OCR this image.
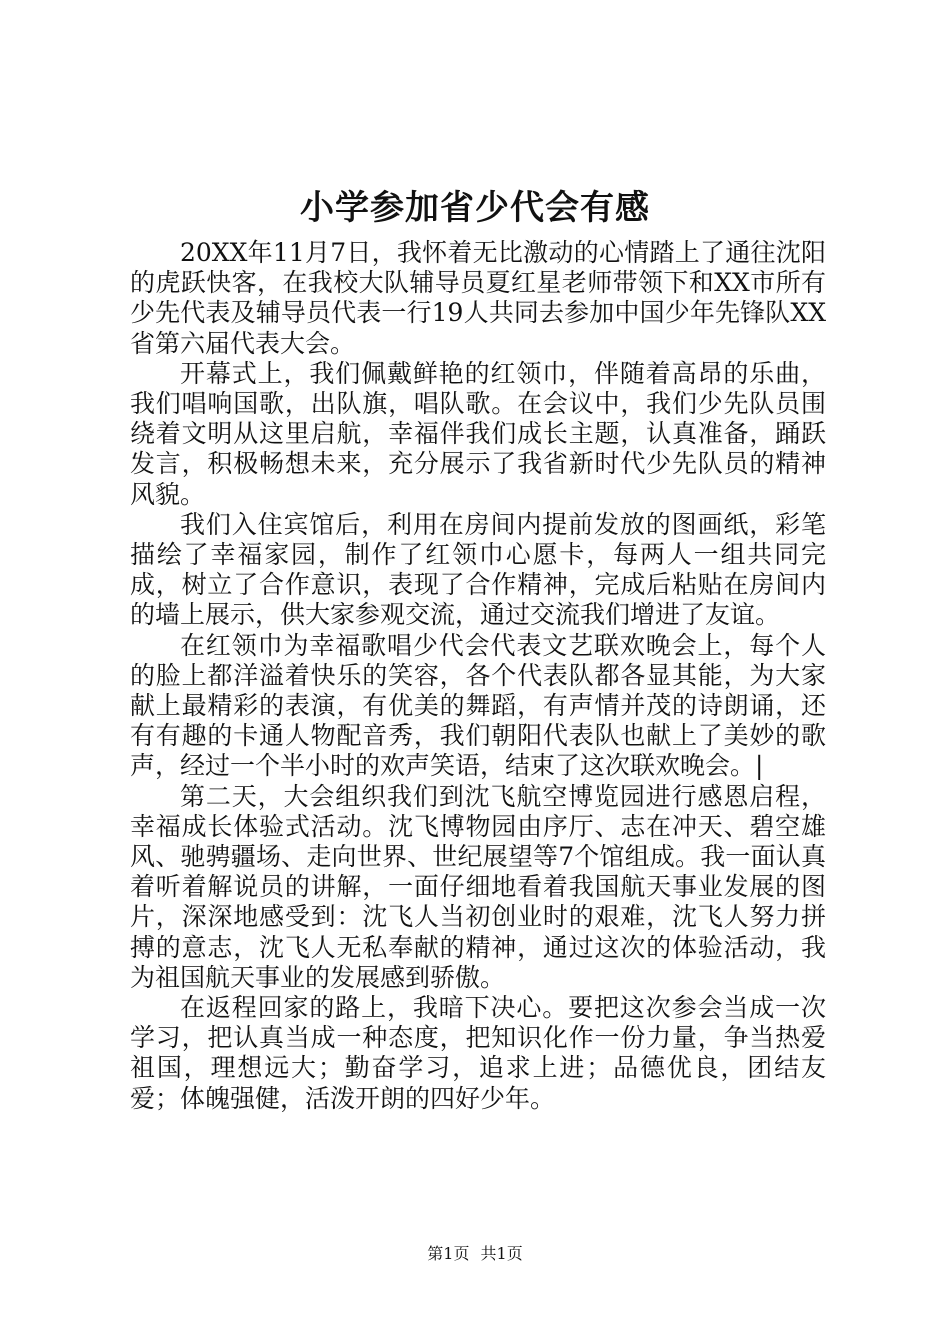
小学参加省少代会有感

20XX年11月7日，我怀着无比激动的心情踏上了通往沈阳的虎跃快客，在我校大队辅导员夏红星老师带领下和XX市所有少先代表及辅导员代表一行19人共同去参加中国少年先锋队XX省第六届代表大会。

开幕式上，我们佩戴鲜艳的红领巾，伴随着高昂的乐曲，我们唱响国歌，出队旗，唱队歌。在会议中，我们少先队员围绕着文明从这里启航，幸福伴我们成长主题，认真准备，踊跃发言，积极畅想未来，充分展示了我省新时代少先队员的精神风貌。

我们入住宾馆后，利用在房间内提前发放的图画纸，彩笔描绘了幸福家园，制作了红领巾心愿卡，每两人一组共同完成，树立了合作意识，表现了合作精神，完成后粘贴在房间内的墙上展示，供大家参观交流，通过交流我们增进了友谊。

在红领巾为幸福歌唱少代会代表文艺联欢晚会上，每个人的脸上都洋溢着快乐的笑容，各个代表队都各显其能，为大家献上最精彩的表演，有优美的舞蹈，有声情并茂的诗朗诵，还有有趣的卡通人物配音秀，我们朝阳代表队也献上了美妙的歌声，经过一个半小时的欢声笑语，结束了这次联欢晚会。|

第二天，大会组织我们到沈飞航空博览园进行感恩启程，幸福成长体验式活动。沈飞博物园由序厅、志在冲天、碧空雄风、驰骋疆场、走向世界、世纪展望等7个馆组成。我一面认真着听着解说员的讲解，一面仔细地看着我国航天事业发展的图片，深深地感受到：沈飞人当初创业时的艰难，沈飞人努力拼搏的意志，沈飞人无私奉献的精神，通过这次的体验活动，我为祖国航天事业的发展感到骄傲。

在返程回家的路上，我暗下决心。要把这次参会当成一次学习，把认真当成一种态度，把知识化作一份力量，争当热爱祖国，理想远大；勤奋学习，追求上进；品德优良，团结友爱；体魄强健，活泼开朗的四好少年。

第1页 共1页
